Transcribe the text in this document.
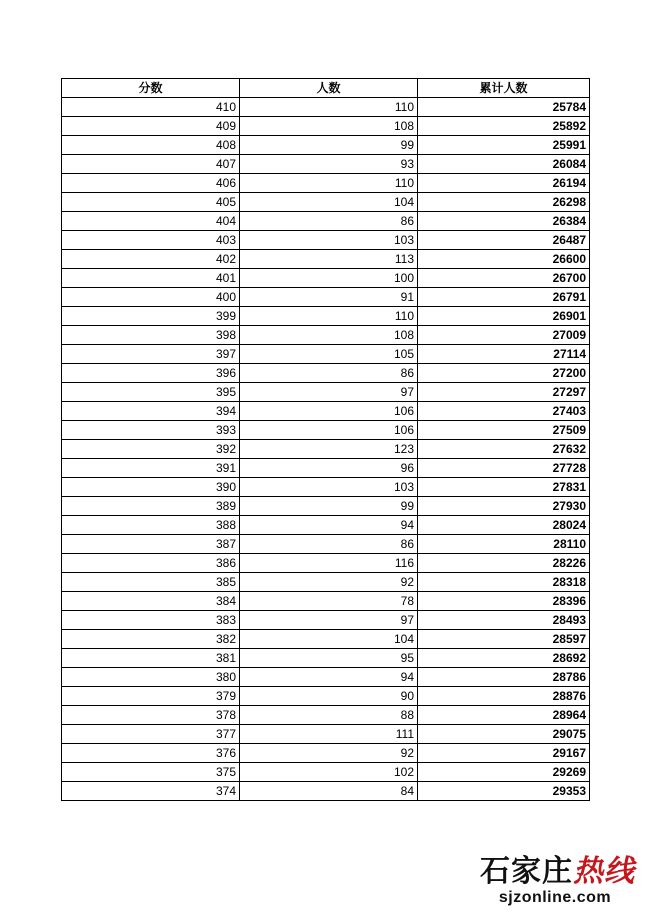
分数	人数	累计人数
410	110	25784
409	108	25892
408	99	25991
407	93	26084
406	110	26194
405	104	26298
404	86	26384
403	103	26487
402	113	26600
401	100	26700
400	91	26791
399	110	26901
398	108	27009
397	105	27114
396	86	27200
395	97	27297
394	106	27403
393	106	27509
392	123	27632
391	96	27728
390	103	27831
389	99	27930
388	94	28024
387	86	28110
386	116	28226
385	92	28318
384	78	28396
383	97	28493
382	104	28597
381	95	28692
380	94	28786
379	90	28876
378	88	28964
377	111	29075
376	92	29167
375	102	29269
374	84	29353
石家庄热线
sjzonline.com
